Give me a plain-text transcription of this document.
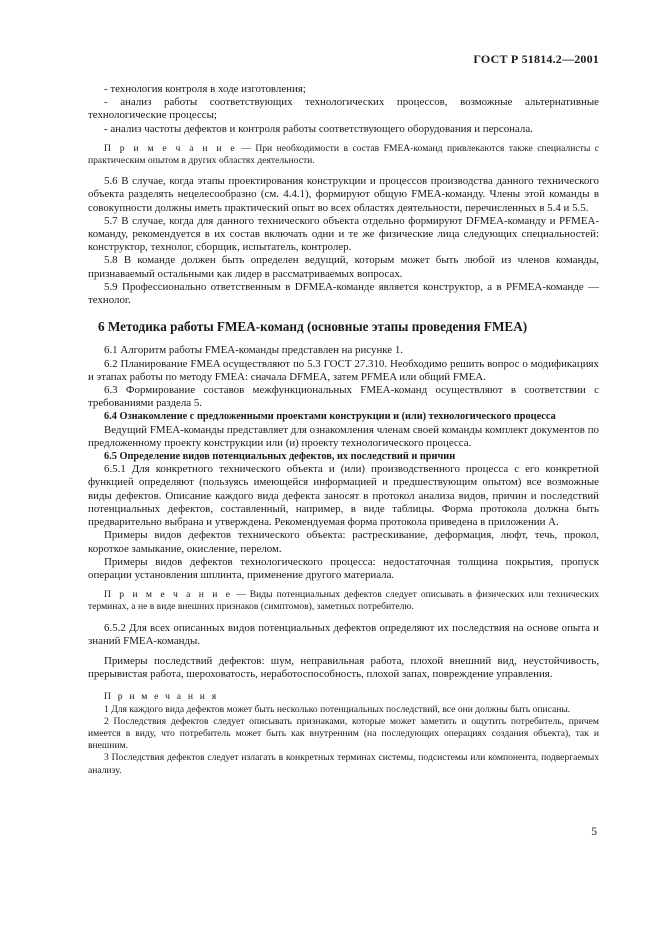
ГОСТ Р 51814.2—2001

- технология контроля в ходе изготовления;

- анализ работы соответствующих технологических процессов, возможные альтернативные технологические процессы;

- анализ частоты дефектов и контроля работы соответствующего оборудования и персонала.

П р и м е ч а н и е — При необходимости в состав FMEA-команд привлекаются также специалисты с практическим опытом в других областях деятельности.

5.6 В случае, когда этапы проектирования конструкции и процессов производства данного технического объекта разделять нецелесообразно (см. 4.4.1), формируют общую FMEA-команду. Члены этой команды в совокупности должны иметь практический опыт во всех областях деятельности, перечисленных в 5.4 и 5.5.

5.7 В случае, когда для данного технического объекта отдельно формируют DFMEA-команду и PFMEA-команду, рекомендуется в их состав включать одни и те же физические лица следующих специальностей: конструктор, технолог, сборщик, испытатель, контролер.

5.8 В команде должен быть определен ведущий, которым может быть любой из членов команды, признаваемый остальными как лидер в рассматриваемых вопросах.

5.9 Профессионально ответственным в DFMEA-команде является конструктор, а в PFMEA-команде — технолог.

6 Методика работы FMEA-команд (основные этапы проведения FMEA)

6.1 Алгоритм работы FMEA-команды представлен на рисунке 1.

6.2 Планирование FMEA осуществляют по 5.3 ГОСТ 27.310. Необходимо решить вопрос о модификациях и этапах работы по методу FMEA: сначала DFMEA, затем PFMEA или общий FMEA.

6.3 Формирование составов межфункциональных FMEA-команд осуществляют в соответствии с требованиями раздела 5.

6.4 Ознакомление с предложенными проектами конструкции и (или) технологического процесса

Ведущий FMEA-команды представляет для ознакомления членам своей команды комплект документов по предложенному проекту конструкции или (и) проекту технологического процесса.

6.5 Определение видов потенциальных дефектов, их последствий и причин

6.5.1 Для конкретного технического объекта и (или) производственного процесса с его конкретной функцией определяют (пользуясь имеющейся информацией и предшествующим опытом) все возможные виды дефектов. Описание каждого вида дефекта заносят в протокол анализа видов, причин и последствий потенциальных дефектов, составленный, например, в виде таблицы. Форма протокола должна быть предварительно выбрана и утверждена. Рекомендуемая форма протокола приведена в приложении А.

Примеры видов дефектов технического объекта: растрескивание, деформация, люфт, течь, прокол, короткое замыкание, окисление, перелом.

Примеры видов дефектов технологического процесса: недостаточная толщина покрытия, пропуск операции установления шплинта, применение другого материала.

П р и м е ч а н и е — Виды потенциальных дефектов следует описывать в физических или технических терминах, а не в виде внешних признаков (симптомов), заметных потребителю.

6.5.2 Для всех описанных видов потенциальных дефектов определяют их последствия на основе опыта и знаний FMEA-команды.

Примеры последствий дефектов: шум, неправильная работа, плохой внешний вид, неустойчивость, прерывистая работа, шероховатость, неработоспособность, плохой запах, повреждение управления.

П р и м е ч а н и я

1 Для каждого вида дефектов может быть несколько потенциальных последствий, все они должны быть описаны.

2 Последствия дефектов следует описывать признаками, которые может заметить и ощутить потребитель, причем имеется в виду, что потребитель может быть как внутренним (на последующих операциях создания объекта), так и внешним.

3 Последствия дефектов следует излагать в конкретных терминах системы, подсистемы или компонента, подвергаемых анализу.

5
